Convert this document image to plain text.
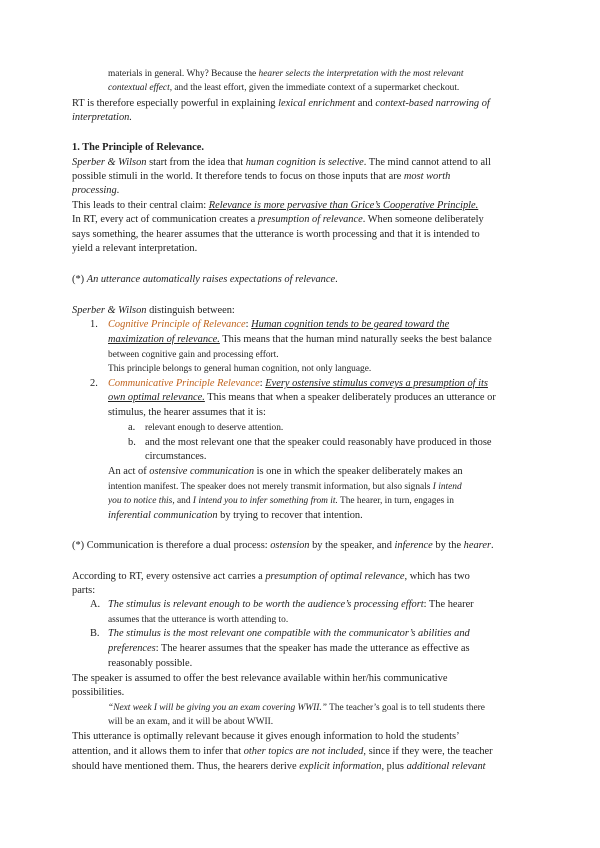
materials in general. Why? Because the hearer selects the interpretation with the most relevant
contextual effect, and the least effort, given the immediate context of a supermarket checkout.
RT is therefore especially powerful in explaining lexical enrichment and context-based narrowing of
interpretation.
1. The Principle of Relevance.
Sperber & Wilson start from the idea that human cognition is selective. The mind cannot attend to all
possible stimuli in the world. It therefore tends to focus on those inputs that are most worth
processing.
This leads to their central claim: Relevance is more pervasive than Grice’s Cooperative Principle.
In RT, every act of communication creates a presumption of relevance. When someone deliberately
says something, the hearer assumes that the utterance is worth processing and that it is intended to
yield a relevant interpretation.
(*) An utterance automatically raises expectations of relevance.
Sperber & Wilson distinguish between:
1. Cognitive Principle of Relevance: Human cognition tends to be geared toward the
maximization of relevance. This means that the human mind naturally seeks the best balance
between cognitive gain and processing effort.
This principle belongs to general human cognition, not only language.
2. Communicative Principle Relevance: Every ostensive stimulus conveys a presumption of its
own optimal relevance. This means that when a speaker deliberately produces an utterance or
stimulus, the hearer assumes that it is:
a. relevant enough to deserve attention.
b. and the most relevant one that the speaker could reasonably have produced in those
circumstances.
An act of ostensive communication is one in which the speaker deliberately makes an
intention manifest. The speaker does not merely transmit information, but also signals I intend
you to notice this, and I intend you to infer something from it. The hearer, in turn, engages in
inferential communication by trying to recover that intention.
(*) Communication is therefore a dual process: ostension by the speaker, and inference by the hearer.
According to RT, every ostensive act carries a presumption of optimal relevance, which has two
parts:
A. The stimulus is relevant enough to be worth the audience’s processing effort: The hearer
assumes that the utterance is worth attending to.
B. The stimulus is the most relevant one compatible with the communicator’s abilities and
preferences: The hearer assumes that the speaker has made the utterance as effective as
reasonably possible.
The speaker is assumed to offer the best relevance available within her/his communicative
possibilities.
“Next week I will be giving you an exam covering WWII.” The teacher’s goal is to tell students there
will be an exam, and it will be about WWII.
This utterance is optimally relevant because it gives enough information to hold the students’
attention, and it allows them to infer that other topics are not included, since if they were, the teacher
should have mentioned them. Thus, the hearers derive explicit information, plus additional relevant
